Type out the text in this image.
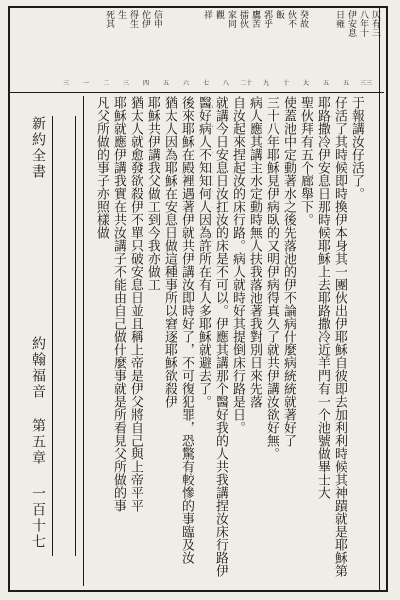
仄有三
八年十
伊安息
日雍
癸故
伙不
飯
郛乎
鷹苦
擂伙
家同
觀
祥
信申
佗伊
得生
生
死其
三三
五
五
大
十
九
二十
八
七
六
五
四
三
二
一
三
于報講汝仔活了。
仔活了其時候即時換伊本身其一團伙出伊耶穌自彼即去加利利時候其神蹟就是耶穌第
耶路撒冷伊安息日那時候耶穌上去耶路撒冷近羊門有一个池號做畢士大
聖伙拜有五个廊舉下。
使蓋池中定動著水之後先落池的伊不論病什麼病統統就著好了
三十八年耶穌見伊病臥的又明伊病得真久了就共伊講汝欲好無。
病人應其講主水定動時無人扶我落池著我對別日來先落
自汝起來捏起汝的床行路。病人就時好其提倒床行路是日。
就講今日安息日汝扛汝的床是不可以。伊應其講那个醫好我的人共我講捏汝床行路伊
醫好病人不知知何人因為許所在有人多耶穌就避去了。
後來耶穌在殿裡遇著伊就共伊講汝即時好了，不可復犯罪，恐驚有較慘的事臨及汝
猶太人因為耶穌在安息日做這種事所以窘逐耶穌欲殺伊
耶穌共伊講我父做工到今我亦做工
猶太人就愈發欲殺伊不單只破安息日並且稱上帝是伊父將自己與上帝平平
耶穌就應伊講我實在共汝講子不能由自己做什麼事就是所看見父所做的事
凡父所做的事子亦照樣做
新約全書
約翰福音 第五章
一百十七
